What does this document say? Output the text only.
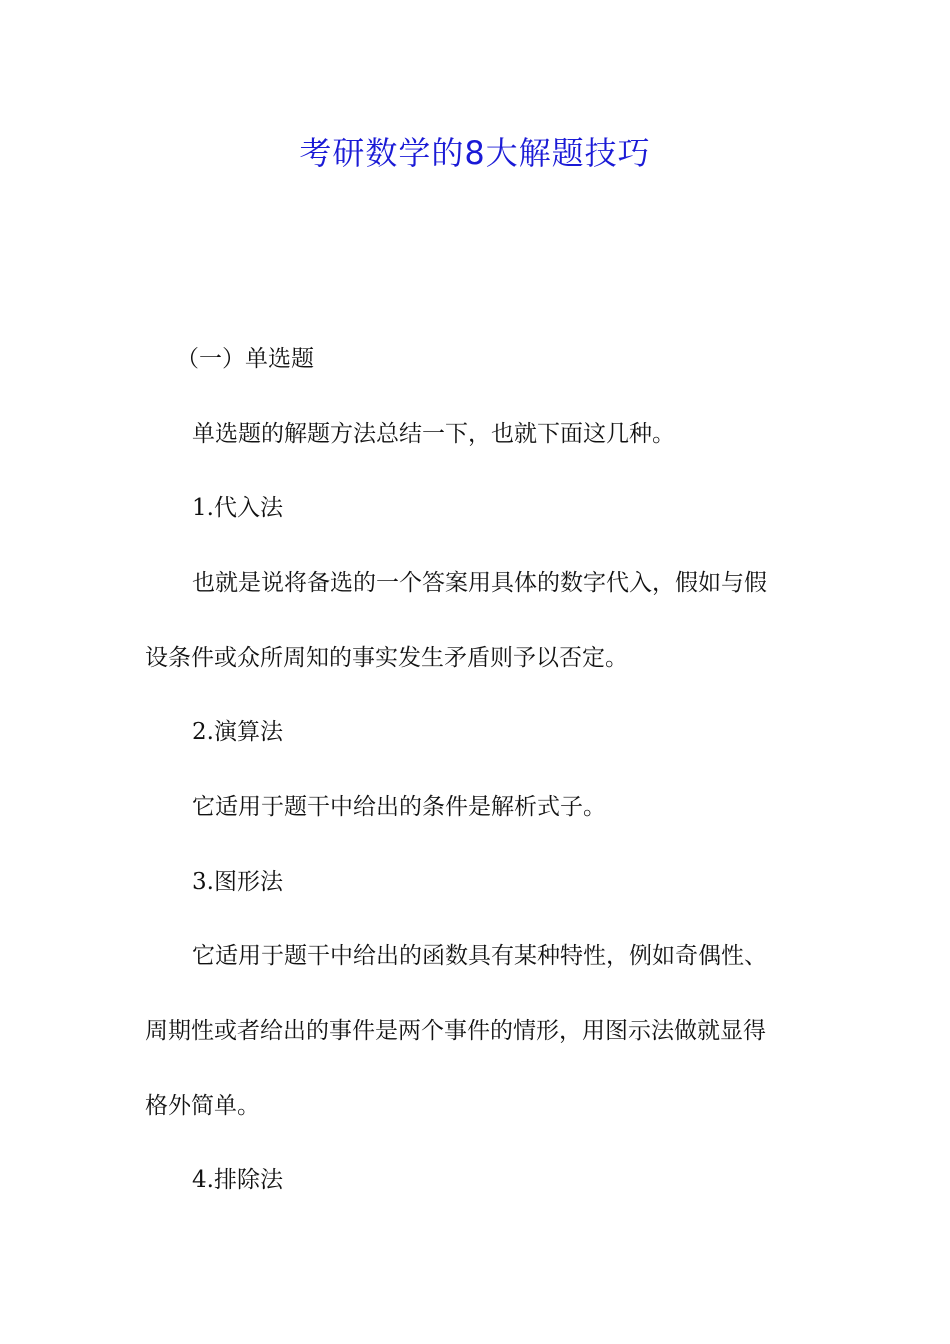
考研数学的8大解题技巧

（一）单选题

单选题的解题方法总结一下，也就下面这几种。

1.代入法

也就是说将备选的一个答案用具体的数字代入，假如与假

设条件或众所周知的事实发生矛盾则予以否定。

2.演算法

它适用于题干中给出的条件是解析式子。

3.图形法

它适用于题干中给出的函数具有某种特性，例如奇偶性、

周期性或者给出的事件是两个事件的情形，用图示法做就显得

格外简单。

4.排除法
